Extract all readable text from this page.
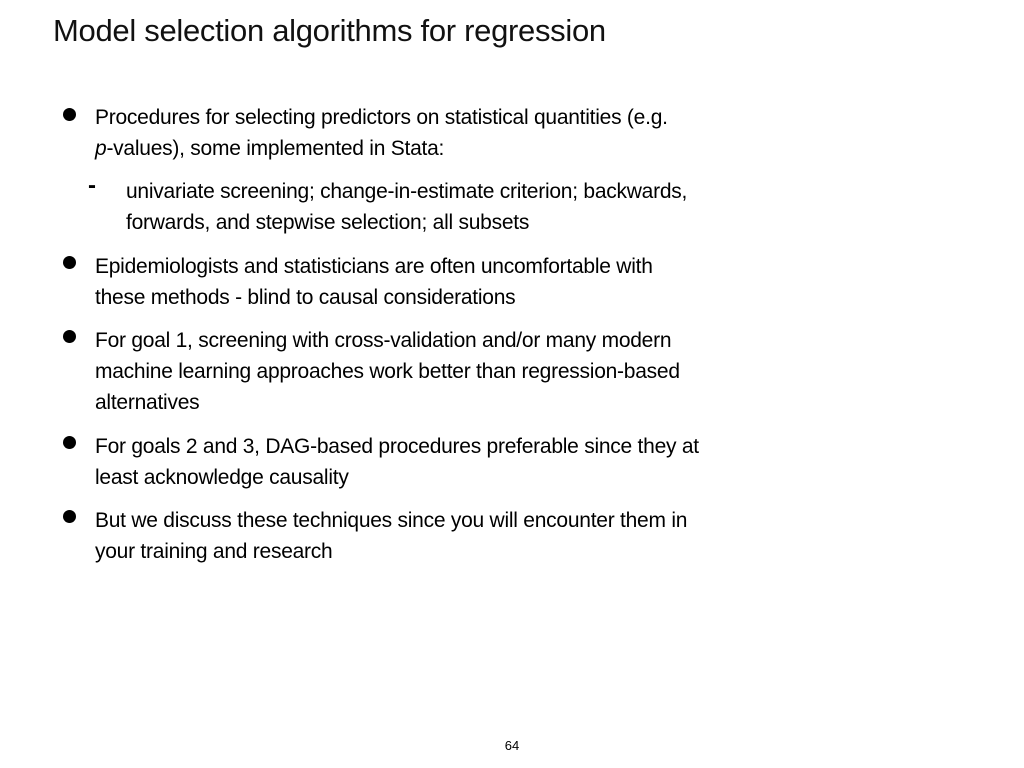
Model selection algorithms for regression
Procedures for selecting predictors on statistical quantities (e.g.
p-values), some implemented in Stata:
- univariate screening; change-in-estimate criterion; backwards,
forwards, and stepwise selection; all subsets
Epidemiologists and statisticians are often uncomfortable with
these methods - blind to causal considerations
For goal 1, screening with cross-validation and/or many modern
machine learning approaches work better than regression-based
alternatives
For goals 2 and 3, DAG-based procedures preferable since they at
least acknowledge causality
But we discuss these techniques since you will encounter them in
your training and research
64
